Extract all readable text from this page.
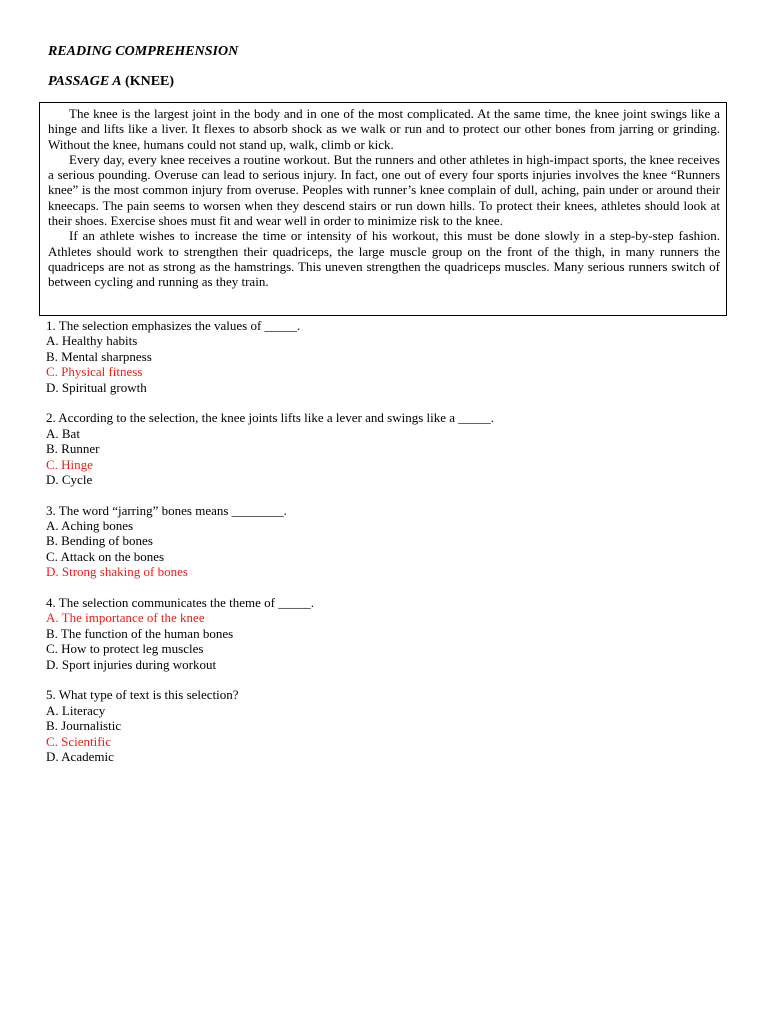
READING COMPREHENSION
PASSAGE A (KNEE)

The knee is the largest joint in the body and in one of the most complicated. At the same time, the knee joint swings like a hinge and lifts like a liver. It flexes to absorb shock as we walk or run and to protect our other bones from jarring or grinding. Without the knee, humans could not stand up, walk, climb or kick.

Every day, every knee receives a routine workout. But the runners and other athletes in high-impact sports, the knee receives a serious pounding. Overuse can lead to serious injury. In fact, one out of every four sports injuries involves the knee “Runners knee” is the most common injury from overuse. Peoples with runner’s knee complain of dull, aching, pain under or around their kneecaps. The pain seems to worsen when they descend stairs or run down hills. To protect their knees, athletes should look at their shoes. Exercise shoes must fit and wear well in order to minimize risk to the knee.

If an athlete wishes to increase the time or intensity of his workout, this must be done slowly in a step-by-step fashion. Athletes should work to strengthen their quadriceps, the large muscle group on the front of the thigh, in many runners the quadriceps are not as strong as the hamstrings. This uneven strengthen the quadriceps muscles. Many serious runners switch of between cycling and running as they train.

1. The selection emphasizes the values of _____.
A. Healthy habits
B. Mental sharpness
C. Physical fitness
D. Spiritual growth
2. According to the selection, the knee joints lifts like a lever and swings like a _____.
A. Bat
B. Runner
C. Hinge
D. Cycle
3. The word “jarring” bones means ________.
A. Aching bones
B. Bending of bones
C. Attack on the bones
D. Strong shaking of bones
4. The selection communicates the theme of _____.
A. The importance of the knee
B. The function of the human bones
C. How to protect leg muscles
D. Sport injuries during workout
5. What type of text is this selection?
A. Literacy
B. Journalistic
C. Scientific
D. Academic
